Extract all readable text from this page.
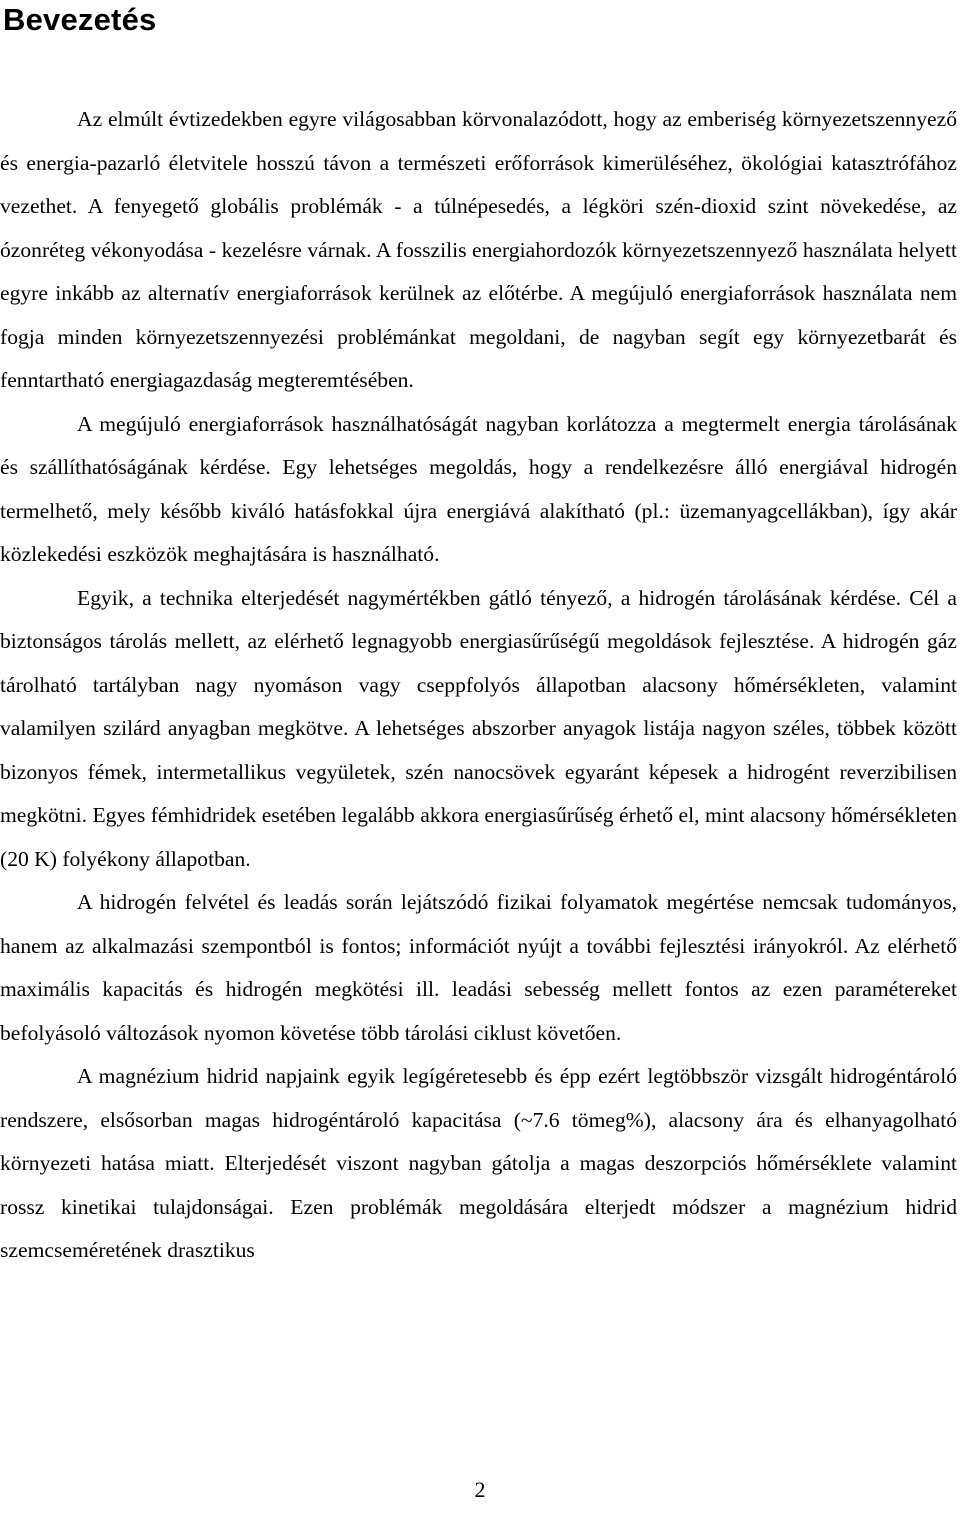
Bevezetés

Az elmúlt évtizedekben egyre világosabban körvonalazódott, hogy az emberiség környezetszennyező és energia-pazarló életvitele hosszú távon a természeti erőforrások kimerüléséhez, ökológiai katasztrófához vezethet. A fenyegető globális problémák - a túlnépesedés, a légköri szén-dioxid szint növekedése, az ózonréteg vékonyodása - kezelésre várnak. A fosszilis energiahordozók környezetszennyező használata helyett egyre inkább az alternatív energiaforrások kerülnek az előtérbe. A megújuló energiaforrások használata nem fogja minden környezetszennyezési problémánkat megoldani, de nagyban segít egy környezetbarát és fenntartható energiagazdaság megteremtésében.

A megújuló energiaforrások használhatóságát nagyban korlátozza a megtermelt energia tárolásának és szállíthatóságának kérdése. Egy lehetséges megoldás, hogy a rendelkezésre álló energiával hidrogén termelhető, mely később kiváló hatásfokkal újra energiává alakítható (pl.: üzemanyagcellákban), így akár közlekedési eszközök meghajtására is használható.

Egyik, a technika elterjedését nagymértékben gátló tényező, a hidrogén tárolásának kérdése. Cél a biztonságos tárolás mellett, az elérhető legnagyobb energiasűrűségű megoldások fejlesztése. A hidrogén gáz tárolható tartályban nagy nyomáson vagy cseppfolyós állapotban alacsony hőmérsékleten, valamint valamilyen szilárd anyagban megkötve. A lehetséges abszorber anyagok listája nagyon széles, többek között bizonyos fémek, intermetallikus vegyületek, szén nanocsövek egyaránt képesek a hidrogént reverzibilisen megkötni. Egyes fémhidridek esetében legalább akkora energiasűrűség érhető el, mint alacsony hőmérsékleten (20 K) folyékony állapotban.

A hidrogén felvétel és leadás során lejátszódó fizikai folyamatok megértése nemcsak tudományos, hanem az alkalmazási szempontból is fontos; információt nyújt a további fejlesztési irányokról. Az elérhető maximális kapacitás és hidrogén megkötési ill. leadási sebesség mellett fontos az ezen paramétereket befolyásoló változások nyomon követése több tárolási ciklust követően.

A magnézium hidrid napjaink egyik legígéretesebb és épp ezért legtöbbször vizsgált hidrogéntároló rendszere, elsősorban magas hidrogéntároló kapacitása (~7.6 tömeg%), alacsony ára és elhanyagolható környezeti hatása miatt. Elterjedését viszont nagyban gátolja a magas deszorpciós hőmérséklete valamint rossz kinetikai tulajdonságai. Ezen problémák megoldására elterjedt módszer a magnézium hidrid szemcseméretének drasztikus

2
